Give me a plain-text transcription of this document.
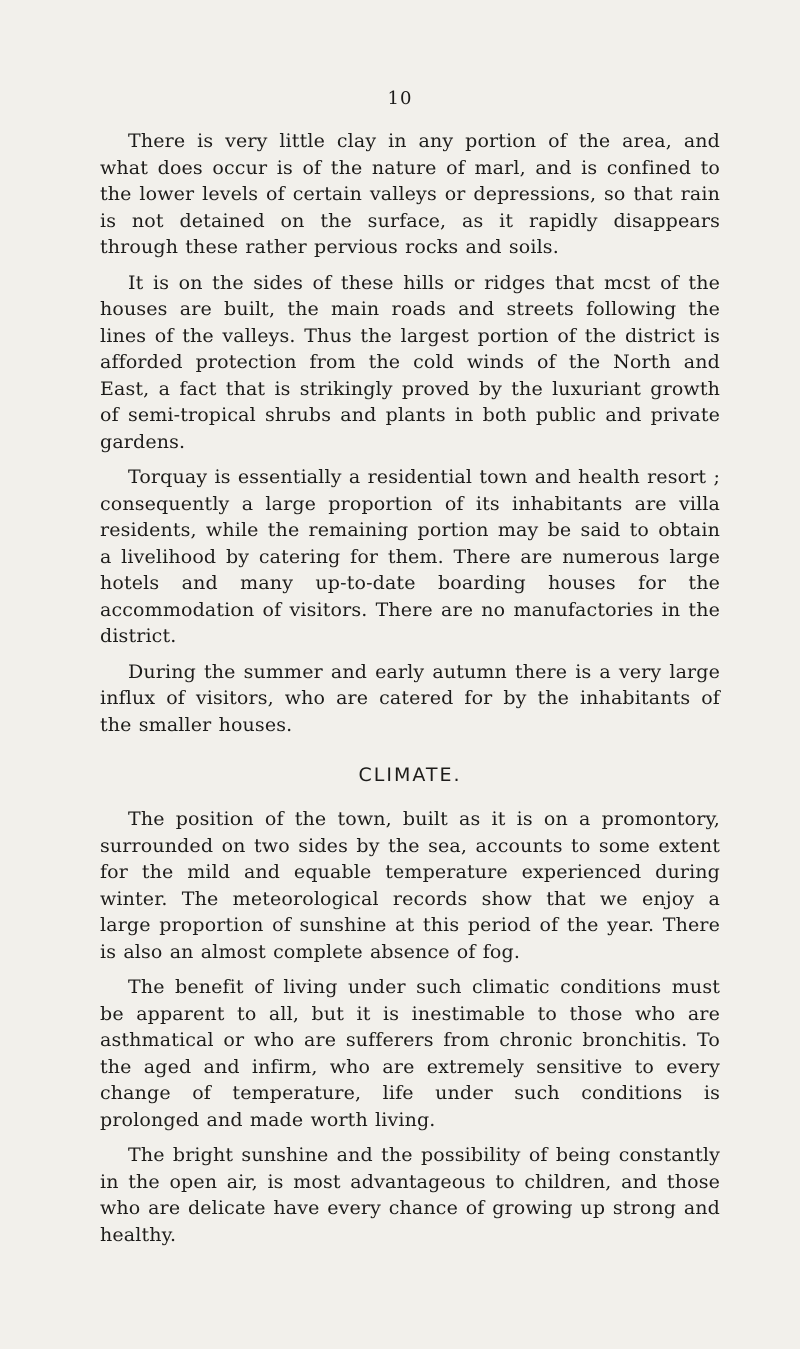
10

There is very little clay in any portion of the area, and what does occur is of the nature of marl, and is confined to the lower levels of certain valleys or depressions, so that rain is not detained on the surface, as it rapidly disappears through these rather pervious rocks and soils.

It is on the sides of these hills or ridges that mcst of the houses are built, the main roads and streets following the lines of the valleys. Thus the largest portion of the district is afforded protection from the cold winds of the North and East, a fact that is strikingly proved by the luxuriant growth of semi-tropical shrubs and plants in both public and private gardens.

Torquay is essentially a residential town and health resort ; consequently a large proportion of its inhabitants are villa residents, while the remaining portion may be said to obtain a livelihood by catering for them. There are numerous large hotels and many up-to-date boarding houses for the accommodation of visitors. There are no manufactories in the district.

During the summer and early autumn there is a very large influx of visitors, who are catered for by the inhabitants of the smaller houses.

CLIMATE.

The position of the town, built as it is on a promontory, surrounded on two sides by the sea, accounts to some extent for the mild and equable temperature experienced during winter. The meteorological records show that we enjoy a large proportion of sunshine at this period of the year. There is also an almost complete absence of fog.

The benefit of living under such climatic conditions must be apparent to all, but it is inestimable to those who are asthmatical or who are sufferers from chronic bronchitis. To the aged and infirm, who are extremely sensitive to every change of temperature, life under such conditions is prolonged and made worth living.

The bright sunshine and the possibility of being constantly in the open air, is most advantageous to children, and those who are delicate have every chance of growing up strong and healthy.
